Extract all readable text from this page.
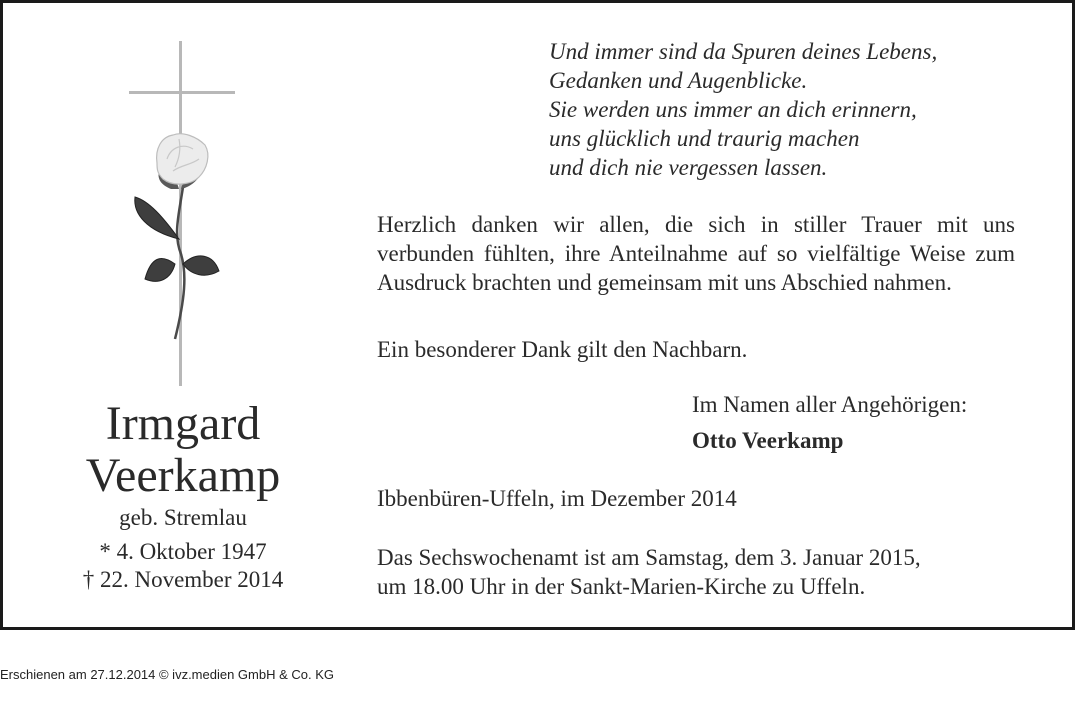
Irmgard
Veerkamp
geb. Stremlau
* 4. Oktober 1947
† 22. November 2014
Und immer sind da Spuren deines Lebens,
Gedanken und Augenblicke.
Sie werden uns immer an dich erinnern,
uns glücklich und traurig machen
und dich nie vergessen lassen.
Herzlich danken wir allen, die sich in stiller Trauer mit uns verbunden fühlten, ihre Anteilnahme auf so vielfältige Weise zum Ausdruck brachten und gemeinsam mit uns Abschied nahmen.
Ein besonderer Dank gilt den Nachbarn.
Im Namen aller Angehörigen:
Otto Veerkamp
Ibbenbüren-Uffeln, im Dezember 2014
Das Sechswochenamt ist am Samstag, dem 3. Januar 2015,
um 18.00 Uhr in der Sankt-Marien-Kirche zu Uffeln.
Erschienen am 27.12.2014 © ivz.medien GmbH & Co. KG
